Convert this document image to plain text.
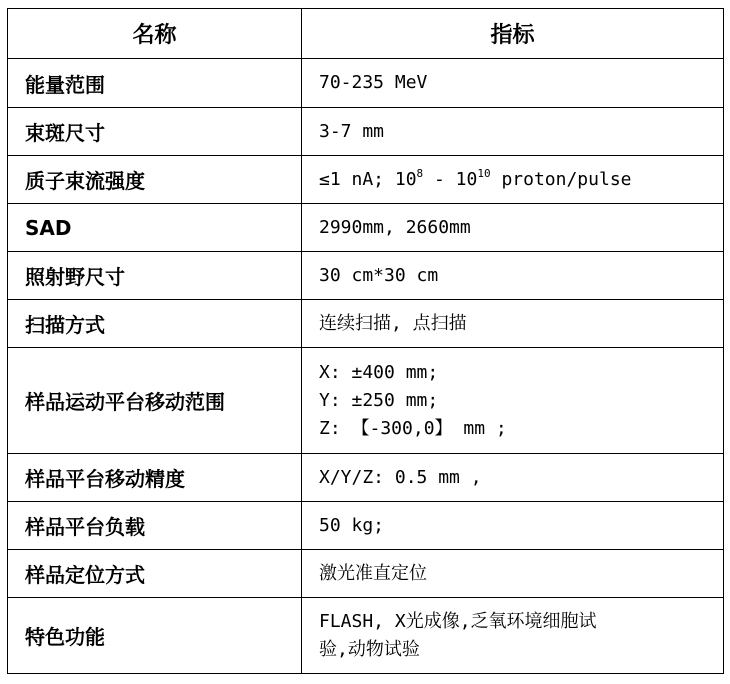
名称	指标
能量范围	70-235 MeV
束斑尺寸	3-7 mm
质子束流强度	≤1 nA; $10^8 - 10^{10}$ proton/pulse
SAD	2990mm, 2660mm
照射野尺寸	30 cm*30 cm
扫描方式	连续扫描, 点扫描
样品运动平台移动范围	X: ±400 mm;
Y: ±250 mm;
Z: 【-300,0】 mm ;

样品平台移动精度	X/Y/Z: 0.5 mm ,
样品平台负载	50 kg;
样品定位方式	激光准直定位
特色功能	FLASH, X光成像,乏氧环境细胞试
验,动物试验
